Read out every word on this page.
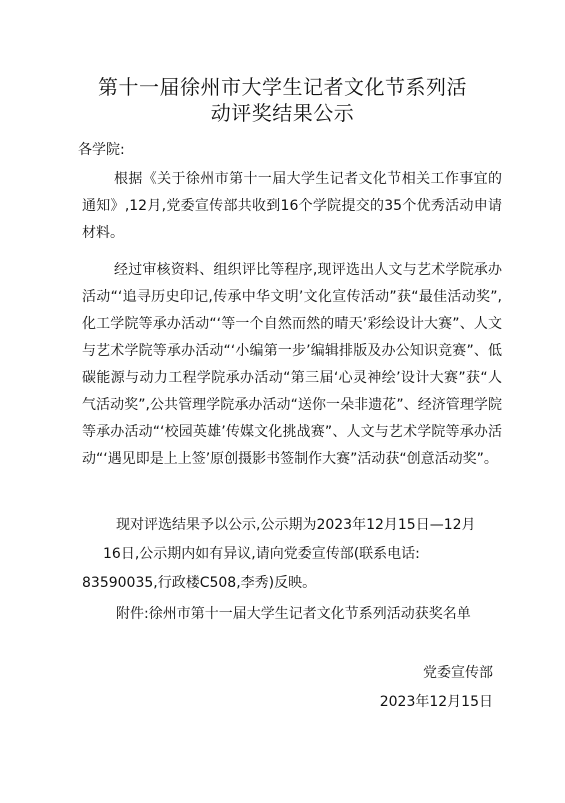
第十一届徐州市大学生记者文化节系列活
动评奖结果公示
各学院:
根据《关于徐州市第十一届大学生记者文化节相关工作事宜的通知》,12月,党委宣传部共收到16个学院提交的35个优秀活动申请材料。
经过审核资料、组织评比等程序,现评选出人文与艺术学院承办活动“‘追寻历史印记,传承中华文明’文化宣传活动”获“最佳活动奖”,化工学院等承办活动“‘等一个自然而然的晴天’彩绘设计大赛”、人文与艺术学院等承办活动“‘小编第一步’编辑排版及办公知识竞赛”、低碳能源与动力工程学院承办活动“第三届‘心灵神绘’设计大赛”获“人气活动奖”,公共管理学院承办活动“送你一朵非遗花”、经济管理学院等承办活动“‘校园英雄’传媒文化挑战赛”、人文与艺术学院等承办活动“‘遇见即是上上签’原创摄影书签制作大赛”活动获“创意活动奖”。
现对评选结果予以公示,公示期为2023年12月15日—12月
16日,公示期内如有异议,请向党委宣传部(联系电话:
83590035,行政楼C508,李秀)反映。
附件:徐州市第十一届大学生记者文化节系列活动获奖名单
党委宣传部
2023年12月15日
